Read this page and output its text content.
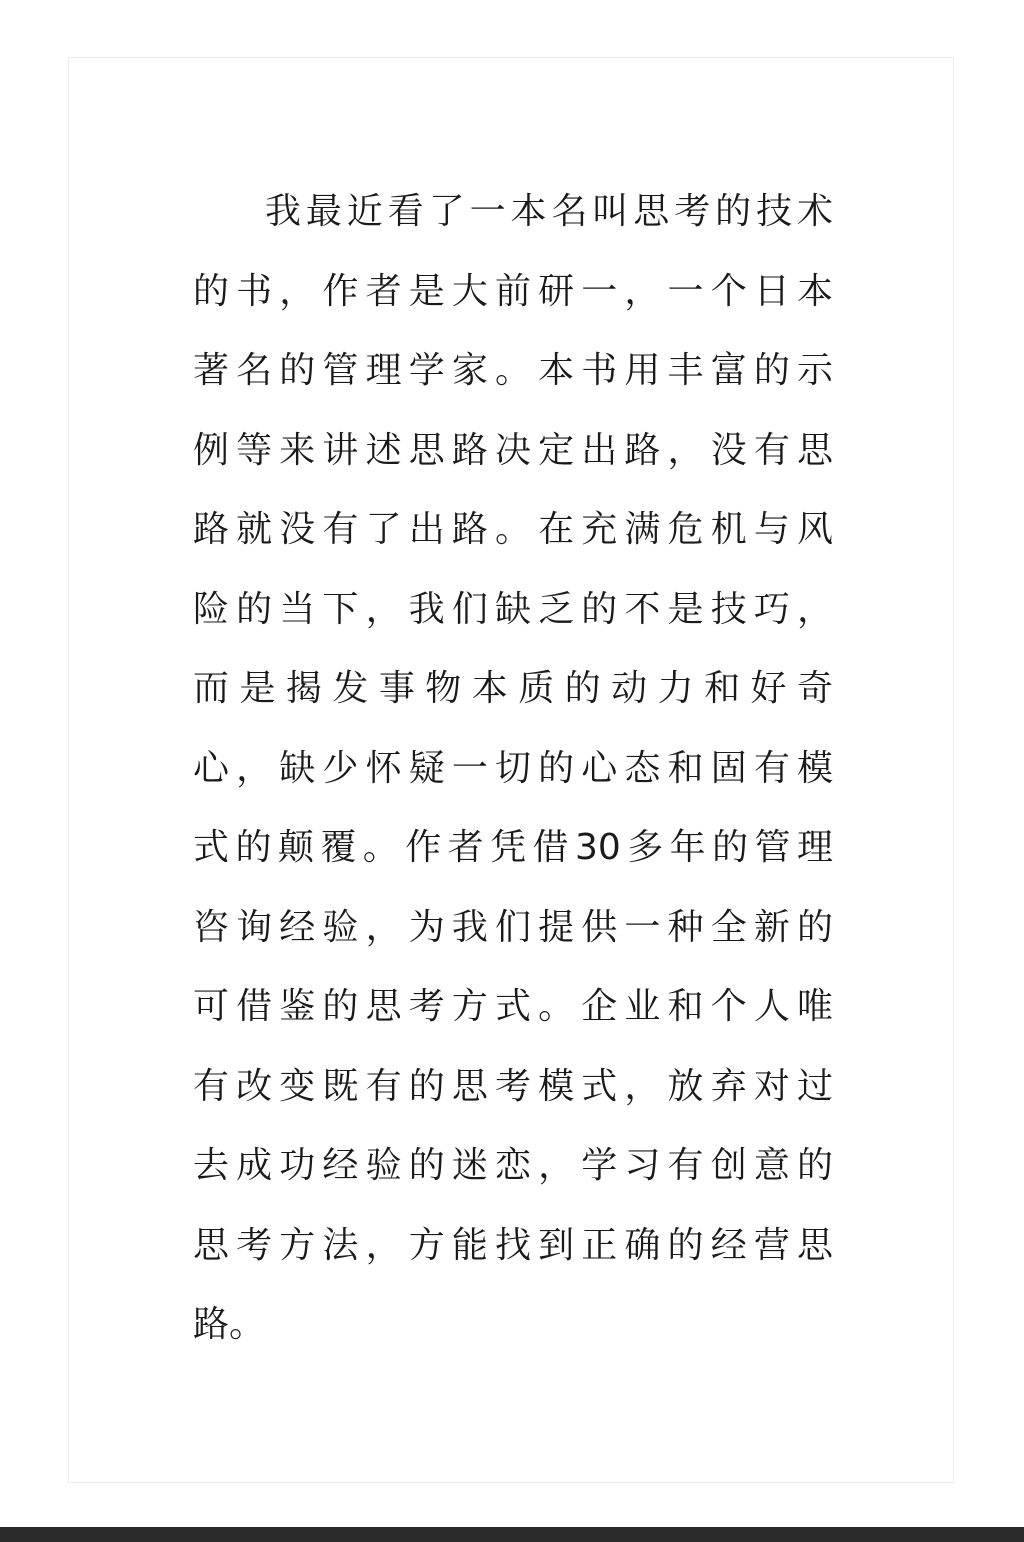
我最近看了一本名叫思考的技术
的书，作者是大前研一，一个日本
著名的管理学家。本书用丰富的示
例等来讲述思路决定出路，没有思
路就没有了出路。在充满危机与风
险的当下，我们缺乏的不是技巧，
而是揭发事物本质的动力和好奇
心，缺少怀疑一切的心态和固有模
式的颠覆。作者凭借30多年的管理
咨询经验，为我们提供一种全新的
可借鉴的思考方式。企业和个人唯
有改变既有的思考模式，放弃对过
去成功经验的迷恋，学习有创意的
思考方法，方能找到正确的经营思
路。
